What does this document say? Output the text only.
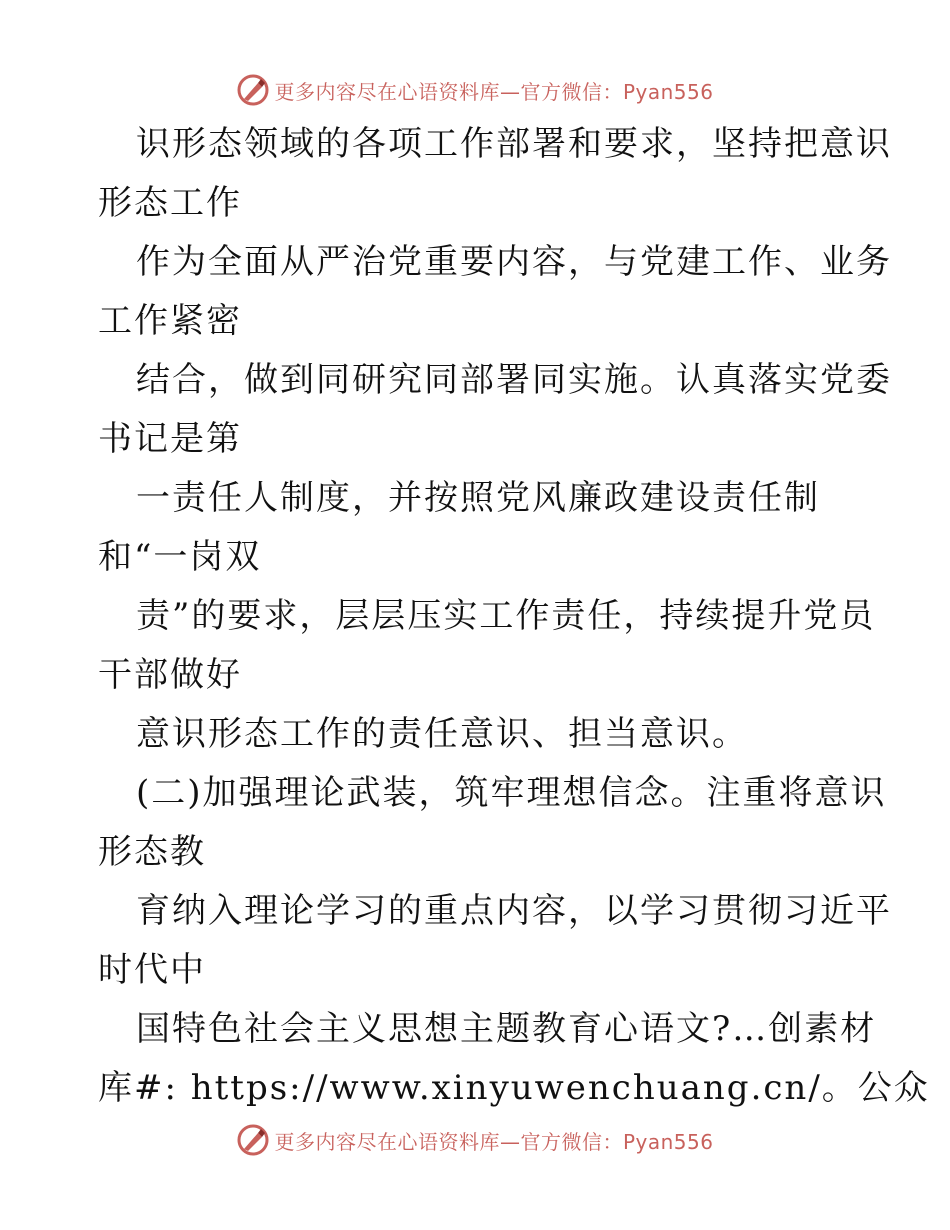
更多内容尽在心语资料库—官方微信：Pyan556
识形态领域的各项工作部署和要求，坚持把意识
形态工作
作为全面从严治党重要内容，与党建工作、业务
工作紧密
结合，做到同研究同部署同实施。认真落实党委
书记是第
一责任人制度，并按照党风廉政建设责任制
和“一岗双
责”的要求，层层压实工作责任，持续提升党员
干部做好
意识形态工作的责任意识、担当意识。
(二)加强理论武装，筑牢理想信念。注重将意识
形态教
育纳入理论学习的重点内容，以学习贯彻习近平
时代中
国特色社会主义思想主题教育心语文?…创素材
库#: https://www.xinyuwenchuang.cn/。公众
更多内容尽在心语资料库—官方微信：Pyan556
